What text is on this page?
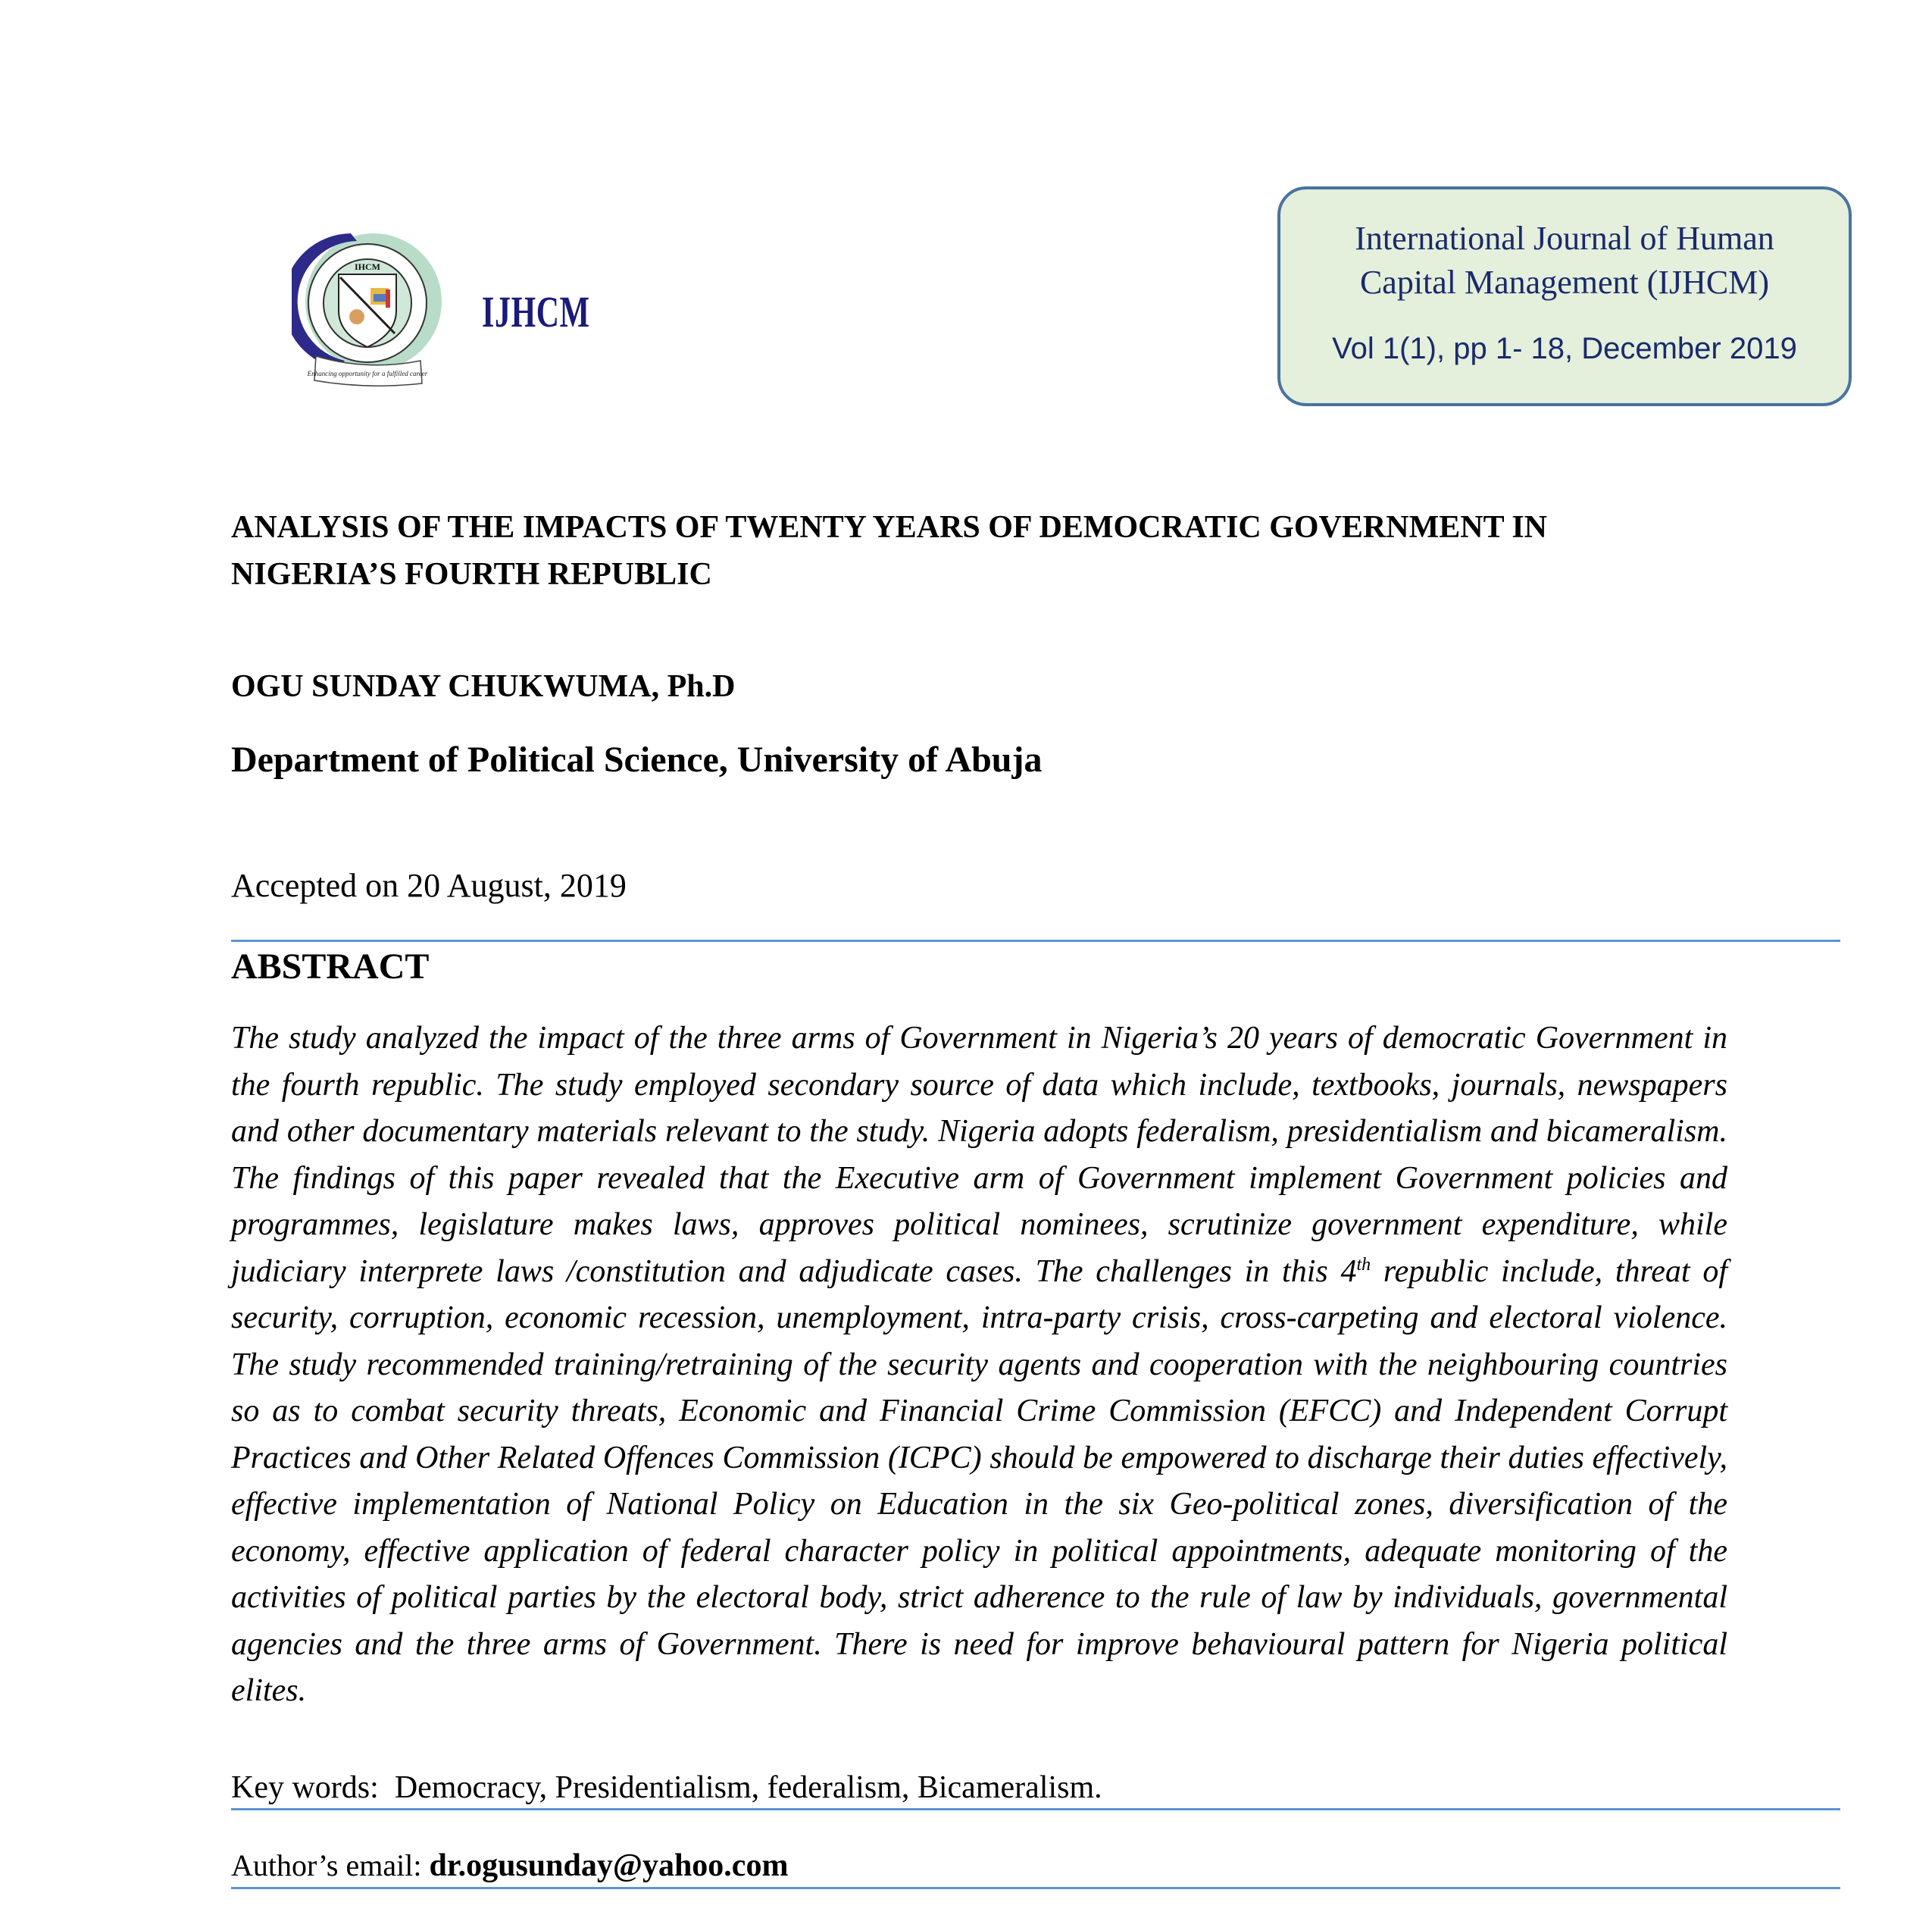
IHCM
Enhancing opportunity for a fulfilled career
IJHCM
International Journal of Human
Capital Management (IJHCM)
Vol 1(1), pp 1- 18, December 2019
ANALYSIS OF THE IMPACTS OF TWENTY YEARS OF DEMOCRATIC GOVERNMENT IN
NIGERIA’S FOURTH REPUBLIC
OGU SUNDAY CHUKWUMA, Ph.D
Department of Political Science, University of Abuja
Accepted on 20 August, 2019
ABSTRACT
The study analyzed the impact of the three arms of Government in Nigeria’s 20 years of democratic Government in the fourth republic. The study employed secondary source of data which include, textbooks, journals, newspapers and other documentary materials relevant to the study. Nigeria adopts federalism, presidentialism and bicameralism. The findings of this paper revealed that the Executive arm of Government implement Government policies and programmes, legislature makes laws, approves political nominees, scrutinize government expenditure, while judiciary interprete laws /constitution and adjudicate cases. The challenges in this 4th republic include, threat of security, corruption, economic recession, unemployment, intra-party crisis, cross-carpeting and electoral violence. The study recommended training/retraining of the security agents and cooperation with the neighbouring countries so as to combat security threats, Economic and Financial Crime Commission (EFCC) and Independent Corrupt Practices and Other Related Offences Commission (ICPC) should be empowered to discharge their duties effectively, effective implementation of National Policy on Education in the six Geo-political zones, diversification of the economy, effective application of federal character policy in political appointments, adequate monitoring of the activities of political parties by the electoral body, strict adherence to the rule of law by individuals, governmental agencies and the three arms of Government. There is need for improve behavioural pattern for Nigeria political elites.
Key words:  Democracy, Presidentialism, federalism, Bicameralism.
Author’s email: dr.ogusunday@yahoo.com
